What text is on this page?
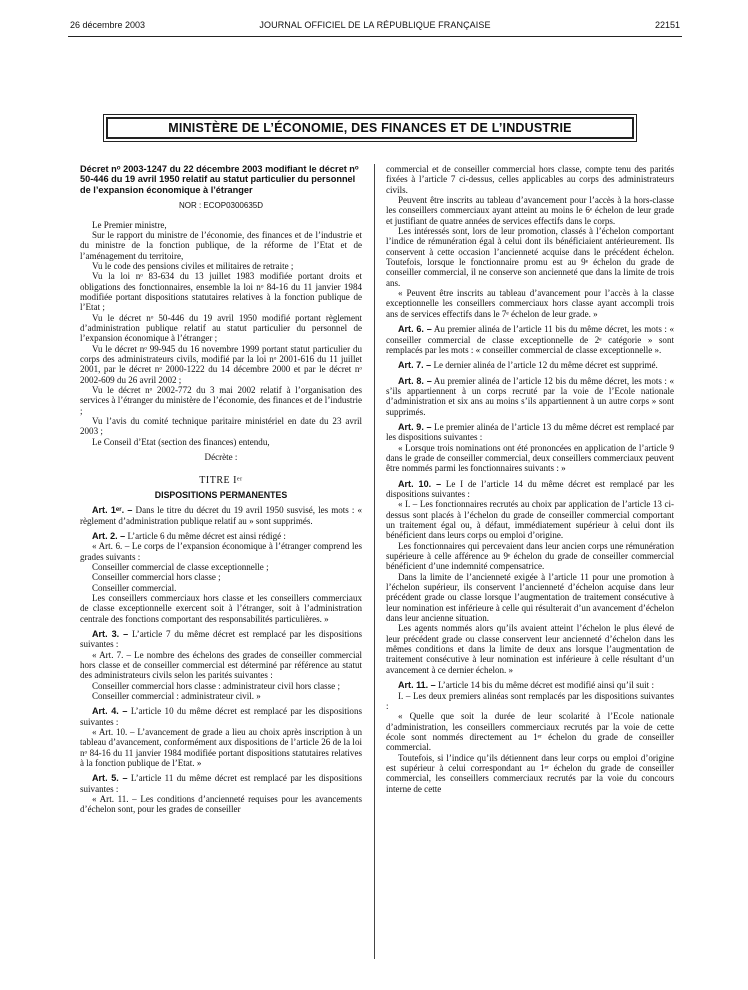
26 décembre 2003	JOURNAL OFFICIEL DE LA RÉPUBLIQUE FRANÇAISE	22151
MINISTÈRE DE L’ÉCONOMIE, DES FINANCES ET DE L’INDUSTRIE

Décret nᵒ 2003-1247 du 22 décembre 2003 modifiant le décret nᵒ 50-446 du 19 avril 1950 relatif au statut particulier du personnel de l’expansion économique à l’étranger

NOR : ECOP0300635D

Le Premier ministre,

Sur le rapport du ministre de l’économie, des finances et de l’industrie et du ministre de la fonction publique, de la réforme de l’Etat et de l’aménagement du territoire,

Vu le code des pensions civiles et militaires de retraite ;

Vu la loi nᵒ 83-634 du 13 juillet 1983 modifiée portant droits et obligations des fonctionnaires, ensemble la loi nᵒ 84-16 du 11 janvier 1984 modifiée portant dispositions statutaires relatives à la fonction publique de l’Etat ;

Vu le décret nᵒ 50-446 du 19 avril 1950 modifié portant règlement d’administration publique relatif au statut particulier du personnel de l’expansion économique à l’étranger ;

Vu le décret nᵒ 99-945 du 16 novembre 1999 portant statut particulier du corps des administrateurs civils, modifié par la loi nᵒ 2001-616 du 11 juillet 2001, par le décret nᵒ 2000-1222 du 14 décembre 2000 et par le décret nᵒ 2002-609 du 26 avril 2002 ;

Vu le décret nᵒ 2002-772 du 3 mai 2002 relatif à l’organisation des services à l’étranger du ministère de l’économie, des finances et de l’industrie ;

Vu l’avis du comité technique paritaire ministériel en date du 23 avril 2003 ;

Le Conseil d’Etat (section des finances) entendu,

Décrète :

TITRE Iᵉʳ

DISPOSITIONS PERMANENTES

Art. 1ᵉʳ. – Dans le titre du décret du 19 avril 1950 susvisé, les mots : « règlement d’administration publique relatif au » sont supprimés.

Art. 2. – L’article 6 du même décret est ainsi rédigé :

« Art. 6. – Le corps de l’expansion économique à l’étranger comprend les grades suivants :

Conseiller commercial de classe exceptionnelle ;

Conseiller commercial hors classe ;

Conseiller commercial.

Les conseillers commerciaux hors classe et les conseillers commerciaux de classe exceptionnelle exercent soit à l’étranger, soit à l’administration centrale des fonctions comportant des responsabilités particulières. »

Art. 3. – L’article 7 du même décret est remplacé par les dispositions suivantes :

« Art. 7. – Le nombre des échelons des grades de conseiller commercial hors classe et de conseiller commercial est déterminé par référence au statut des administrateurs civils selon les parités suivantes :

Conseiller commercial hors classe : administrateur civil hors classe ;

Conseiller commercial : administrateur civil. »

Art. 4. – L’article 10 du même décret est remplacé par les dispositions suivantes :

« Art. 10. – L’avancement de grade a lieu au choix après inscription à un tableau d’avancement, conformément aux dispositions de l’article 26 de la loi nᵒ 84-16 du 11 janvier 1984 modifiée portant dispositions statutaires relatives à la fonction publique de l’Etat. »

Art. 5. – L’article 11 du même décret est remplacé par les dispositions suivantes :

« Art. 11. – Les conditions d’ancienneté requises pour les avancements d’échelon sont, pour les grades de conseiller

commercial et de conseiller commercial hors classe, compte tenu des parités fixées à l’article 7 ci-dessus, celles applicables au corps des administrateurs civils.

Peuvent être inscrits au tableau d’avancement pour l’accès à la hors-classe les conseillers commerciaux ayant atteint au moins le 6ᵉ échelon de leur grade et justifiant de quatre années de services effectifs dans le corps.

Les intéressés sont, lors de leur promotion, classés à l’échelon comportant l’indice de rémunération égal à celui dont ils bénéficiaient antérieurement. Ils conservent à cette occasion l’ancienneté acquise dans le précédent échelon. Toutefois, lorsque le fonctionnaire promu est au 9ᵉ échelon du grade de conseiller commercial, il ne conserve son ancienneté que dans la limite de trois ans.

« Peuvent être inscrits au tableau d’avancement pour l’accès à la classe exceptionnelle les conseillers commerciaux hors classe ayant accompli trois ans de services effectifs dans le 7ᵉ échelon de leur grade. »

Art. 6. – Au premier alinéa de l’article 11 bis du même décret, les mots : « conseiller commercial de classe exceptionnelle de 2ᵉ catégorie » sont remplacés par les mots : « conseiller commercial de classe exceptionnelle ».

Art. 7. – Le dernier alinéa de l’article 12 du même décret est supprimé.

Art. 8. – Au premier alinéa de l’article 12 bis du même décret, les mots : « s’ils appartiennent à un corps recruté par la voie de l’Ecole nationale d’administration et six ans au moins s’ils appartiennent à un autre corps » sont supprimés.

Art. 9. – Le premier alinéa de l’article 13 du même décret est remplacé par les dispositions suivantes :

« Lorsque trois nominations ont été prononcées en application de l’article 9 dans le grade de conseiller commercial, deux conseillers commerciaux peuvent être nommés parmi les fonctionnaires suivants : »

Art. 10. – Le I de l’article 14 du même décret est remplacé par les dispositions suivantes :

« I. – Les fonctionnaires recrutés au choix par application de l’article 13 ci-dessus sont placés à l’échelon du grade de conseiller commercial comportant un traitement égal ou, à défaut, immédiatement supérieur à celui dont ils bénéficient dans leurs corps ou emploi d’origine.

Les fonctionnaires qui percevaient dans leur ancien corps une rémunération supérieure à celle afférence au 9ᵉ échelon du grade de conseiller commercial bénéficient d’une indemnité compensatrice.

Dans la limite de l’ancienneté exigée à l’article 11 pour une promotion à l’échelon supérieur, ils conservent l’ancienneté d’échelon acquise dans leur précédent grade ou classe lorsque l’augmentation de traitement consécutive à leur nomination est inférieure à celle qui résulterait d’un avancement d’échelon dans leur ancienne situation.

Les agents nommés alors qu’ils avaient atteint l’échelon le plus élevé de leur précédent grade ou classe conservent leur ancienneté d’échelon dans les mêmes conditions et dans la limite de deux ans lorsque l’augmentation de traitement consécutive à leur nomination est inférieure à celle résultant d’un avancement à ce dernier échelon. »

Art. 11. – L’article 14 bis du même décret est modifié ainsi qu’il suit :

I. – Les deux premiers alinéas sont remplacés par les dispositions suivantes :

« Quelle que soit la durée de leur scolarité à l’Ecole nationale d’administration, les conseillers commerciaux recrutés par la voie de cette école sont nommés directement au 1ᵉʳ échelon du grade de conseiller commercial.

Toutefois, si l’indice qu’ils détiennent dans leur corps ou emploi d’origine est supérieur à celui correspondant au 1ᵉʳ échelon du grade de conseiller commercial, les conseillers commerciaux recrutés par la voie du concours interne de cette
